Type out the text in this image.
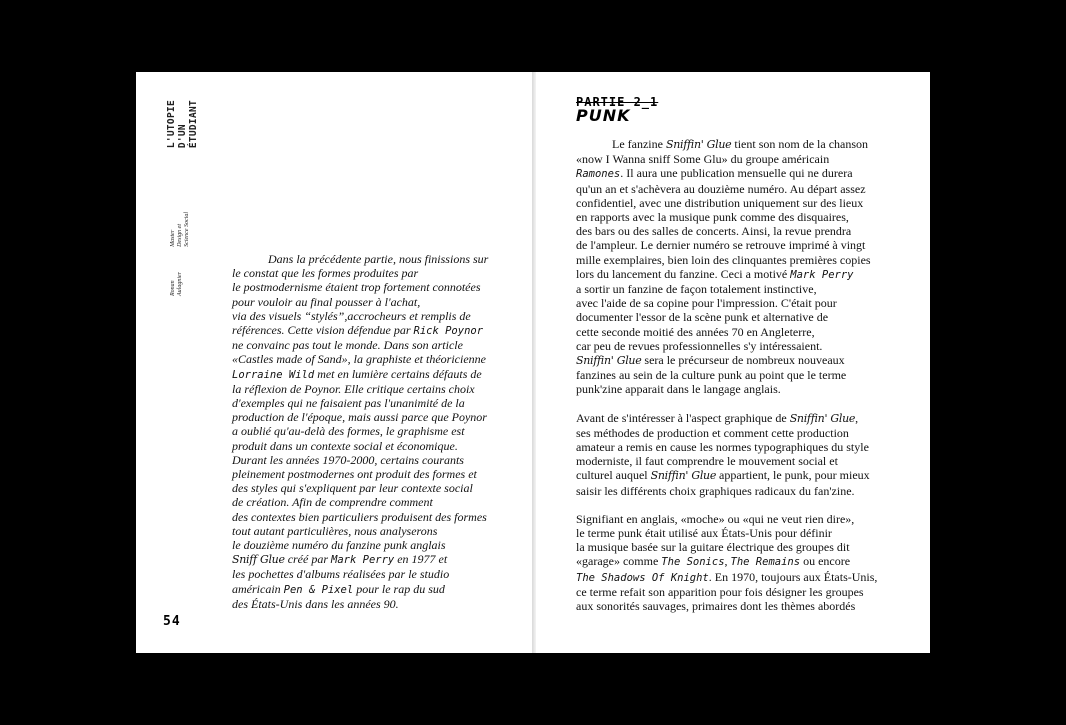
L'UTOPIE D'UN ÉTUDIANT
Master Design et Science Social
Ronan Aulagnier

Dans la précédente partie, nous finissions sur
le constat que les formes produites par
le postmodernisme étaient trop fortement connotées
pour vouloir au final pousser à l'achat,
via des visuels “stylés”,accrocheurs et remplis de
références. Cette vision défendue par Rick Poynor
ne convainc pas tout le monde. Dans son article
«Castles made of Sand», la graphiste et théoricienne
Lorraine Wild met en lumière certains défauts de
la réflexion de Poynor. Elle critique certains choix
d'exemples qui ne faisaient pas l'unanimité de la
production de l'époque, mais aussi parce que Poynor
a oublié qu'au-delà des formes, le graphisme est
produit dans un contexte social et économique.
Durant les années 1970-2000, certains courants
pleinement postmodernes ont produit des formes et
des styles qui s'expliquent par leur contexte social
de création. Afin de comprendre comment
des contextes bien particuliers produisent des formes
tout autant particulières, nous analyserons
le douzième numéro du fanzine punk anglais
Sniff Glue créé par Mark Perry en 1977 et
les pochettes d'albums réalisées par le studio
américain Pen & Pixel pour le rap du sud
des États-Unis dans les années 90.

54
PARTIE 2_1
PUNK

Le fanzine Sniffin' Glue tient son nom de la chanson
«now I Wanna sniff Some Glu» du groupe américain
Ramones. Il aura une publication mensuelle qui ne durera
qu'un an et s'achèvera au douzième numéro. Au départ assez
confidentiel, avec une distribution uniquement sur des lieux
en rapports avec la musique punk comme des disquaires,
des bars ou des salles de concerts. Ainsi, la revue prendra
de l'ampleur. Le dernier numéro se retrouve imprimé à vingt
mille exemplaires, bien loin des clinquantes premières copies
lors du lancement du fanzine. Ceci a motivé Mark Perry
a sortir un fanzine de façon totalement instinctive,
avec l'aide de sa copine pour l'impression. C'était pour
documenter l'essor de la scène punk et alternative de
cette seconde moitié des années 70 en Angleterre,
car peu de revues professionnelles s'y intéressaient.
Sniffin' Glue sera le précurseur de nombreux nouveaux
fanzines au sein de la culture punk au point que le terme
punk'zine apparait dans le langage anglais.

Avant de s'intéresser à l'aspect graphique de Sniffin' Glue,
ses méthodes de production et comment cette production
amateur a remis en cause les normes typographiques du style
moderniste, il faut comprendre le mouvement social et
culturel auquel Sniffin' Glue appartient, le punk, pour mieux
saisir les différents choix graphiques radicaux du fan'zine.

Signifiant en anglais, «moche» ou «qui ne veut rien dire»,
le terme punk était utilisé aux États-Unis pour définir
la musique basée sur la guitare électrique des groupes dit
«garage» comme The Sonics, The Remains ou encore
The Shadows Of Knight. En 1970, toujours aux États-Unis,
ce terme refait son apparition pour fois désigner les groupes
aux sonorités sauvages, primaires dont les thèmes abordés
